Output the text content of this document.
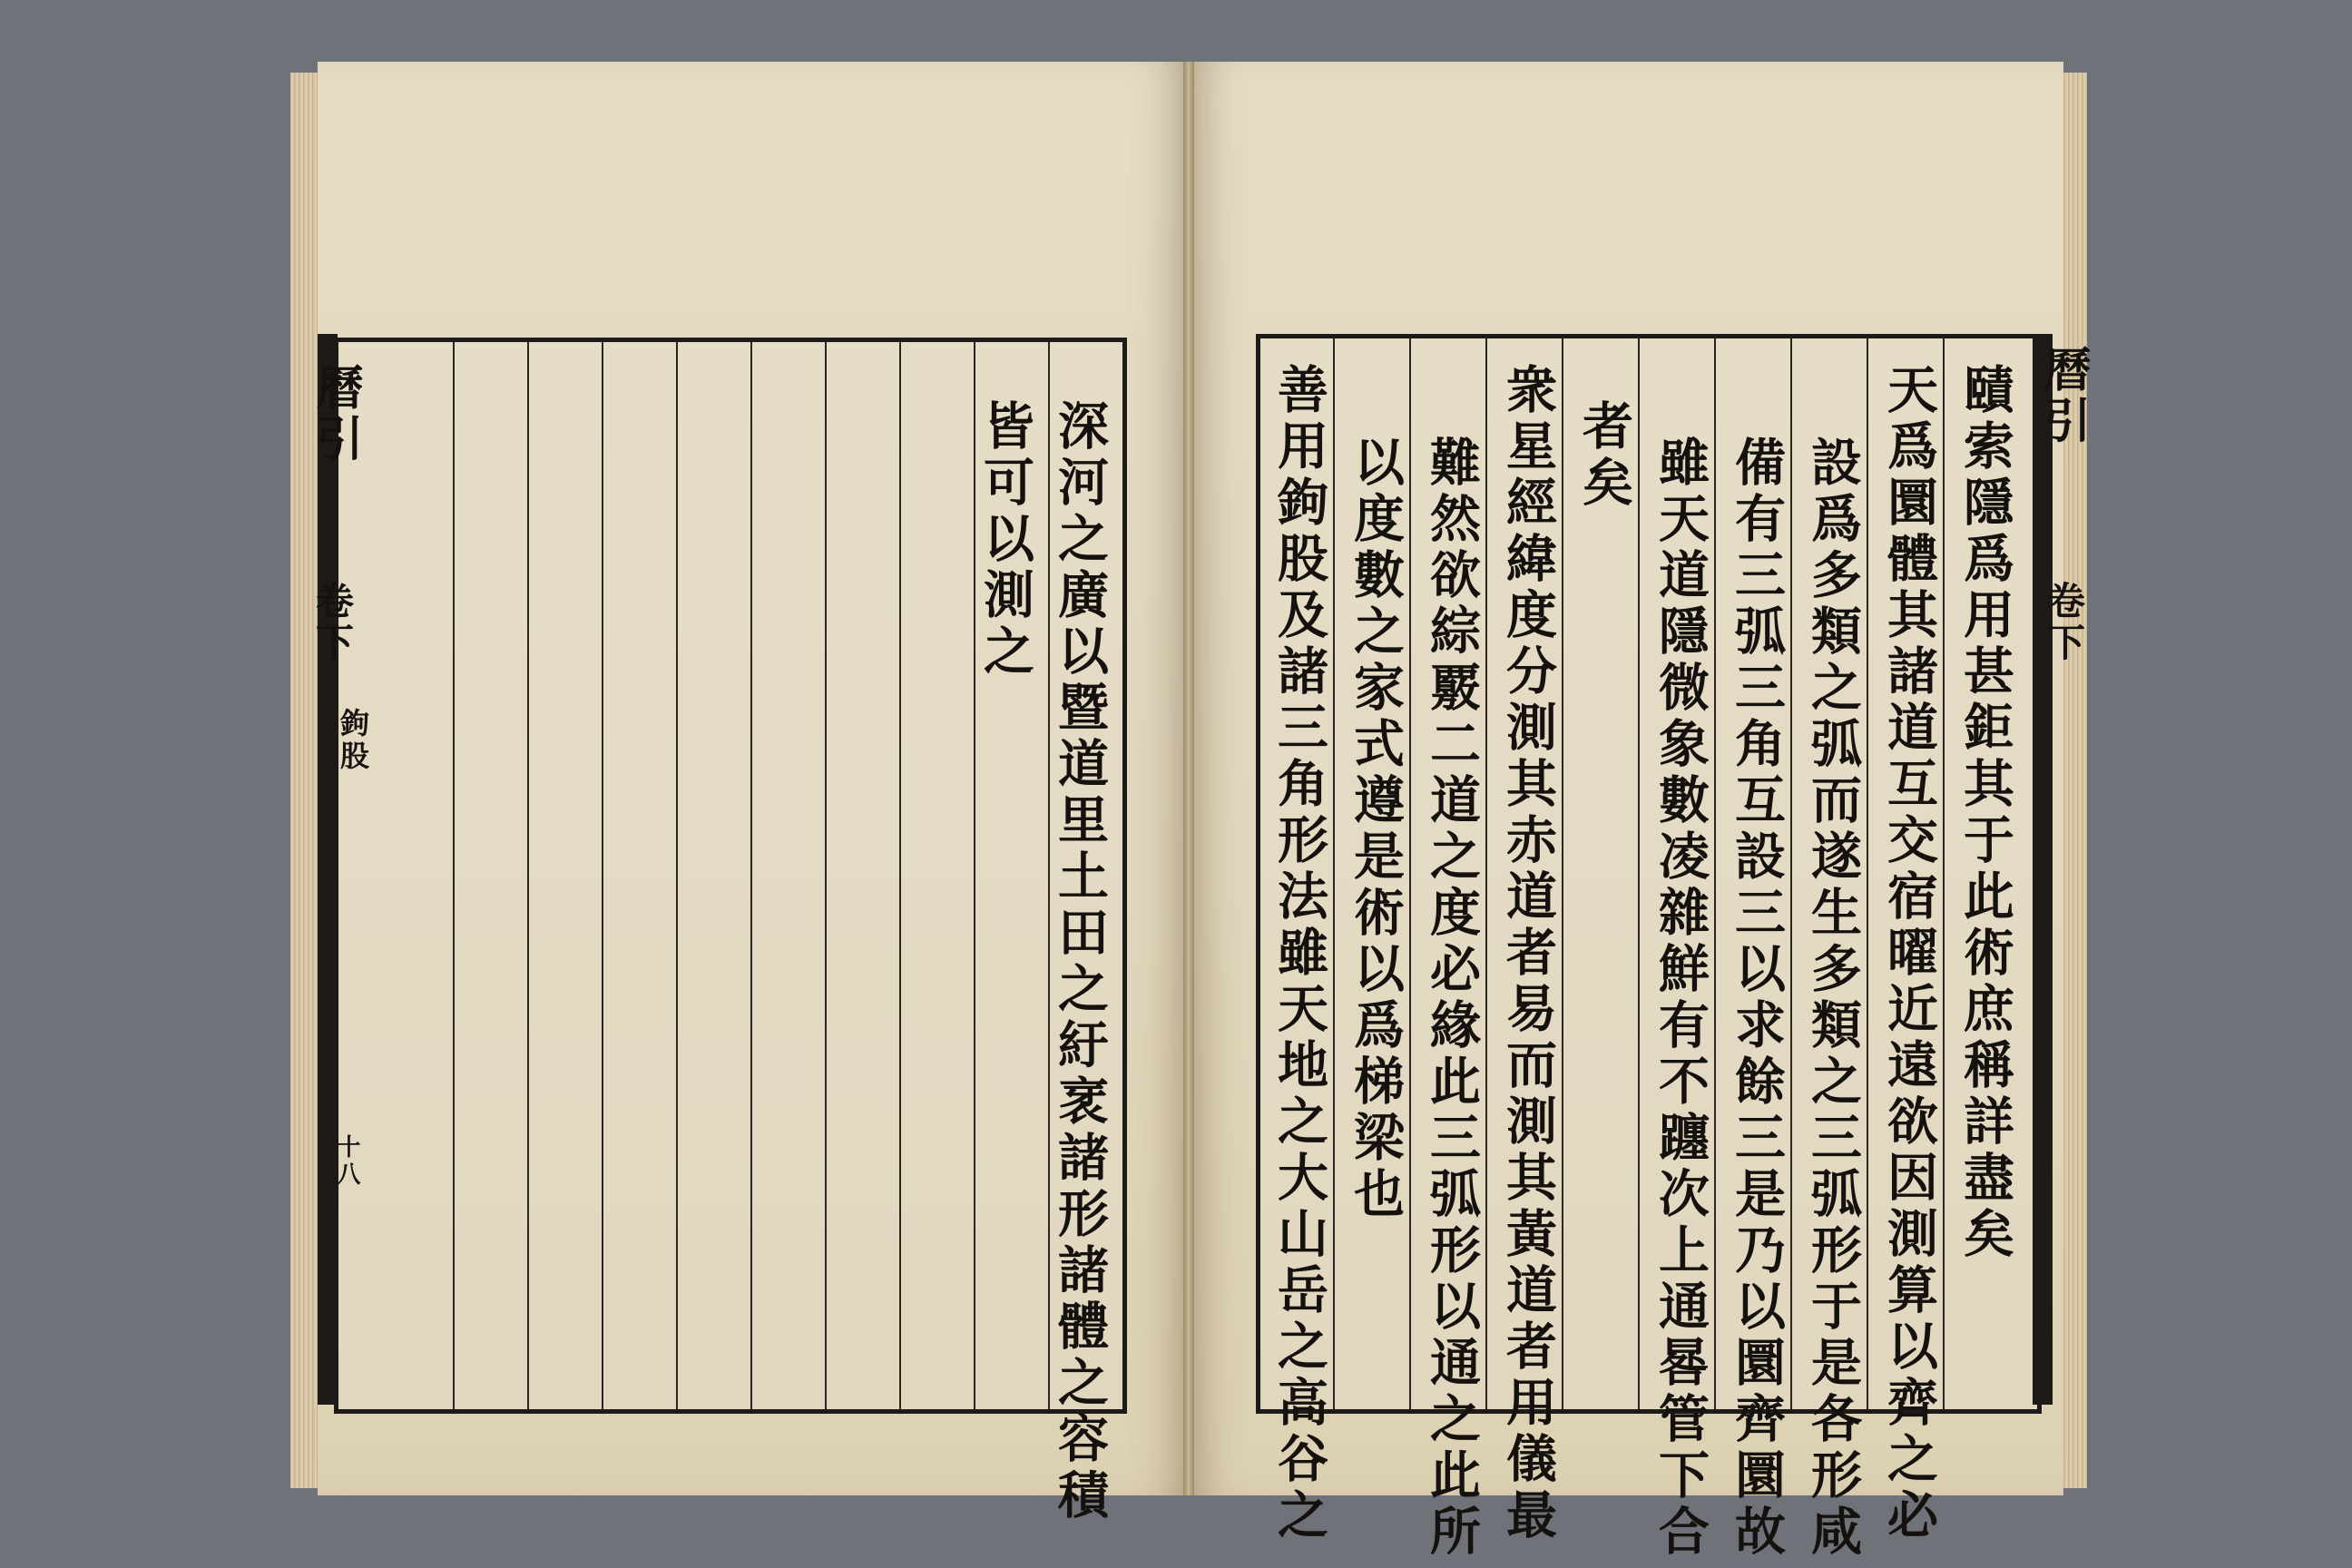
深河之廣以暨道里土田之紆衺諸形諸體之容積
皆可以測之
曆引
卷下
鉤股
十八	賾索隱爲用甚鉅其于此術庶稱詳盡矣
天爲圜體其諸道互交宿曜近遠欲因測算以齊之必
設爲多類之弧而遂生多類之三弧形于是各形咸
備有三弧三角互設三以求餘三是乃以圜齊圜故
雖天道隱微象數凌雜鮮有不躔次上通晷管下合
者矣
衆星經緯度分測其赤道者易而測其黃道者用儀最
難然欲綜覈二道之度必緣此三弧形以通之此所
以度數之家式遵是術以爲梯梁也
善用鉤股及諸三角形法雖天地之大山岳之高谷之	曆引
卷下
